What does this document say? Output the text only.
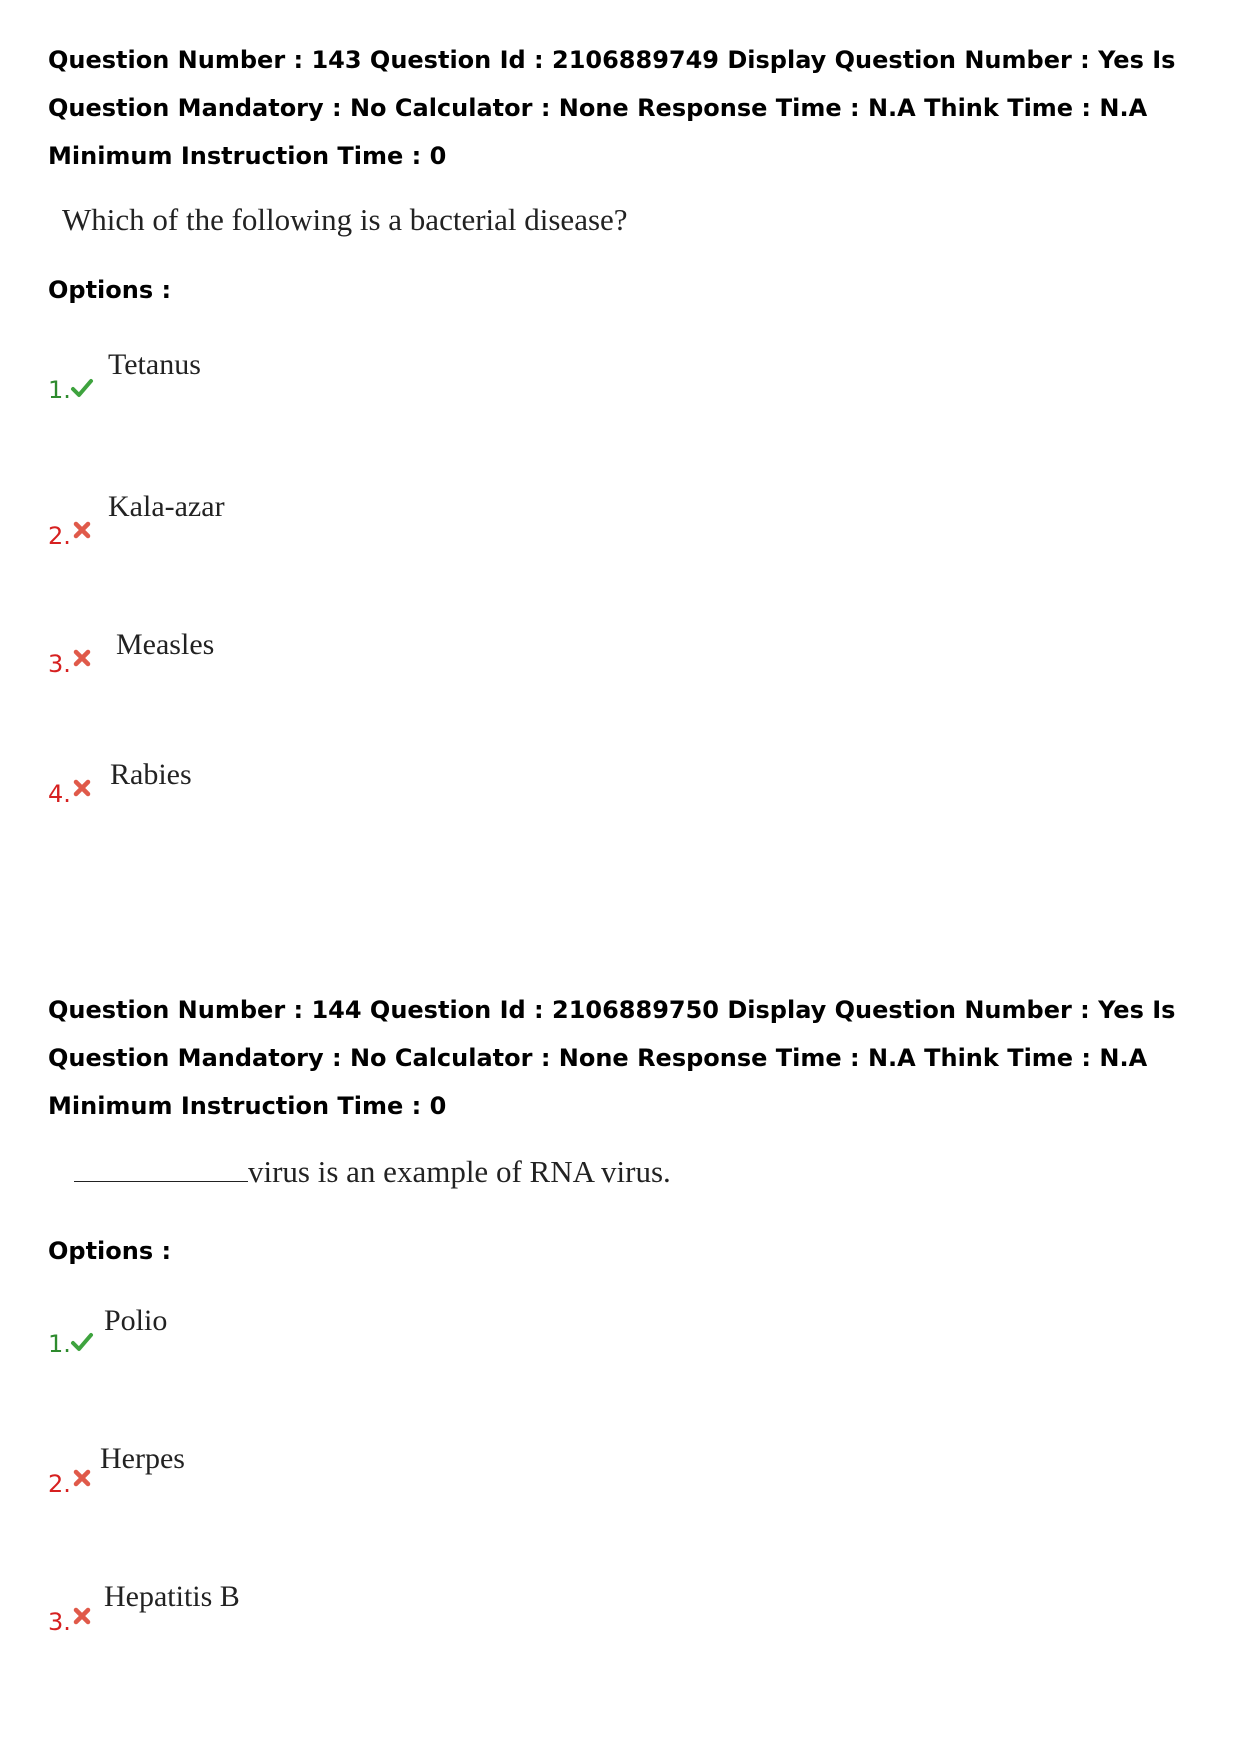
Question Number : 143 Question Id : 2106889749 Display Question Number : Yes Is Question Mandatory : No Calculator : None Response Time : N.A Think Time : N.A Minimum Instruction Time : 0

Which of the following is a bacterial disease?

Options :

1.
Tetanus
2.
Kala-azar
3.
Measles
4.
Rabies

Question Number : 144 Question Id : 2106889750 Display Question Number : Yes Is Question Mandatory : No Calculator : None Response Time : N.A Think Time : N.A Minimum Instruction Time : 0

virus is an example of RNA virus.

Options :

1.
Polio
2.
Herpes
3.
Hepatitis B
